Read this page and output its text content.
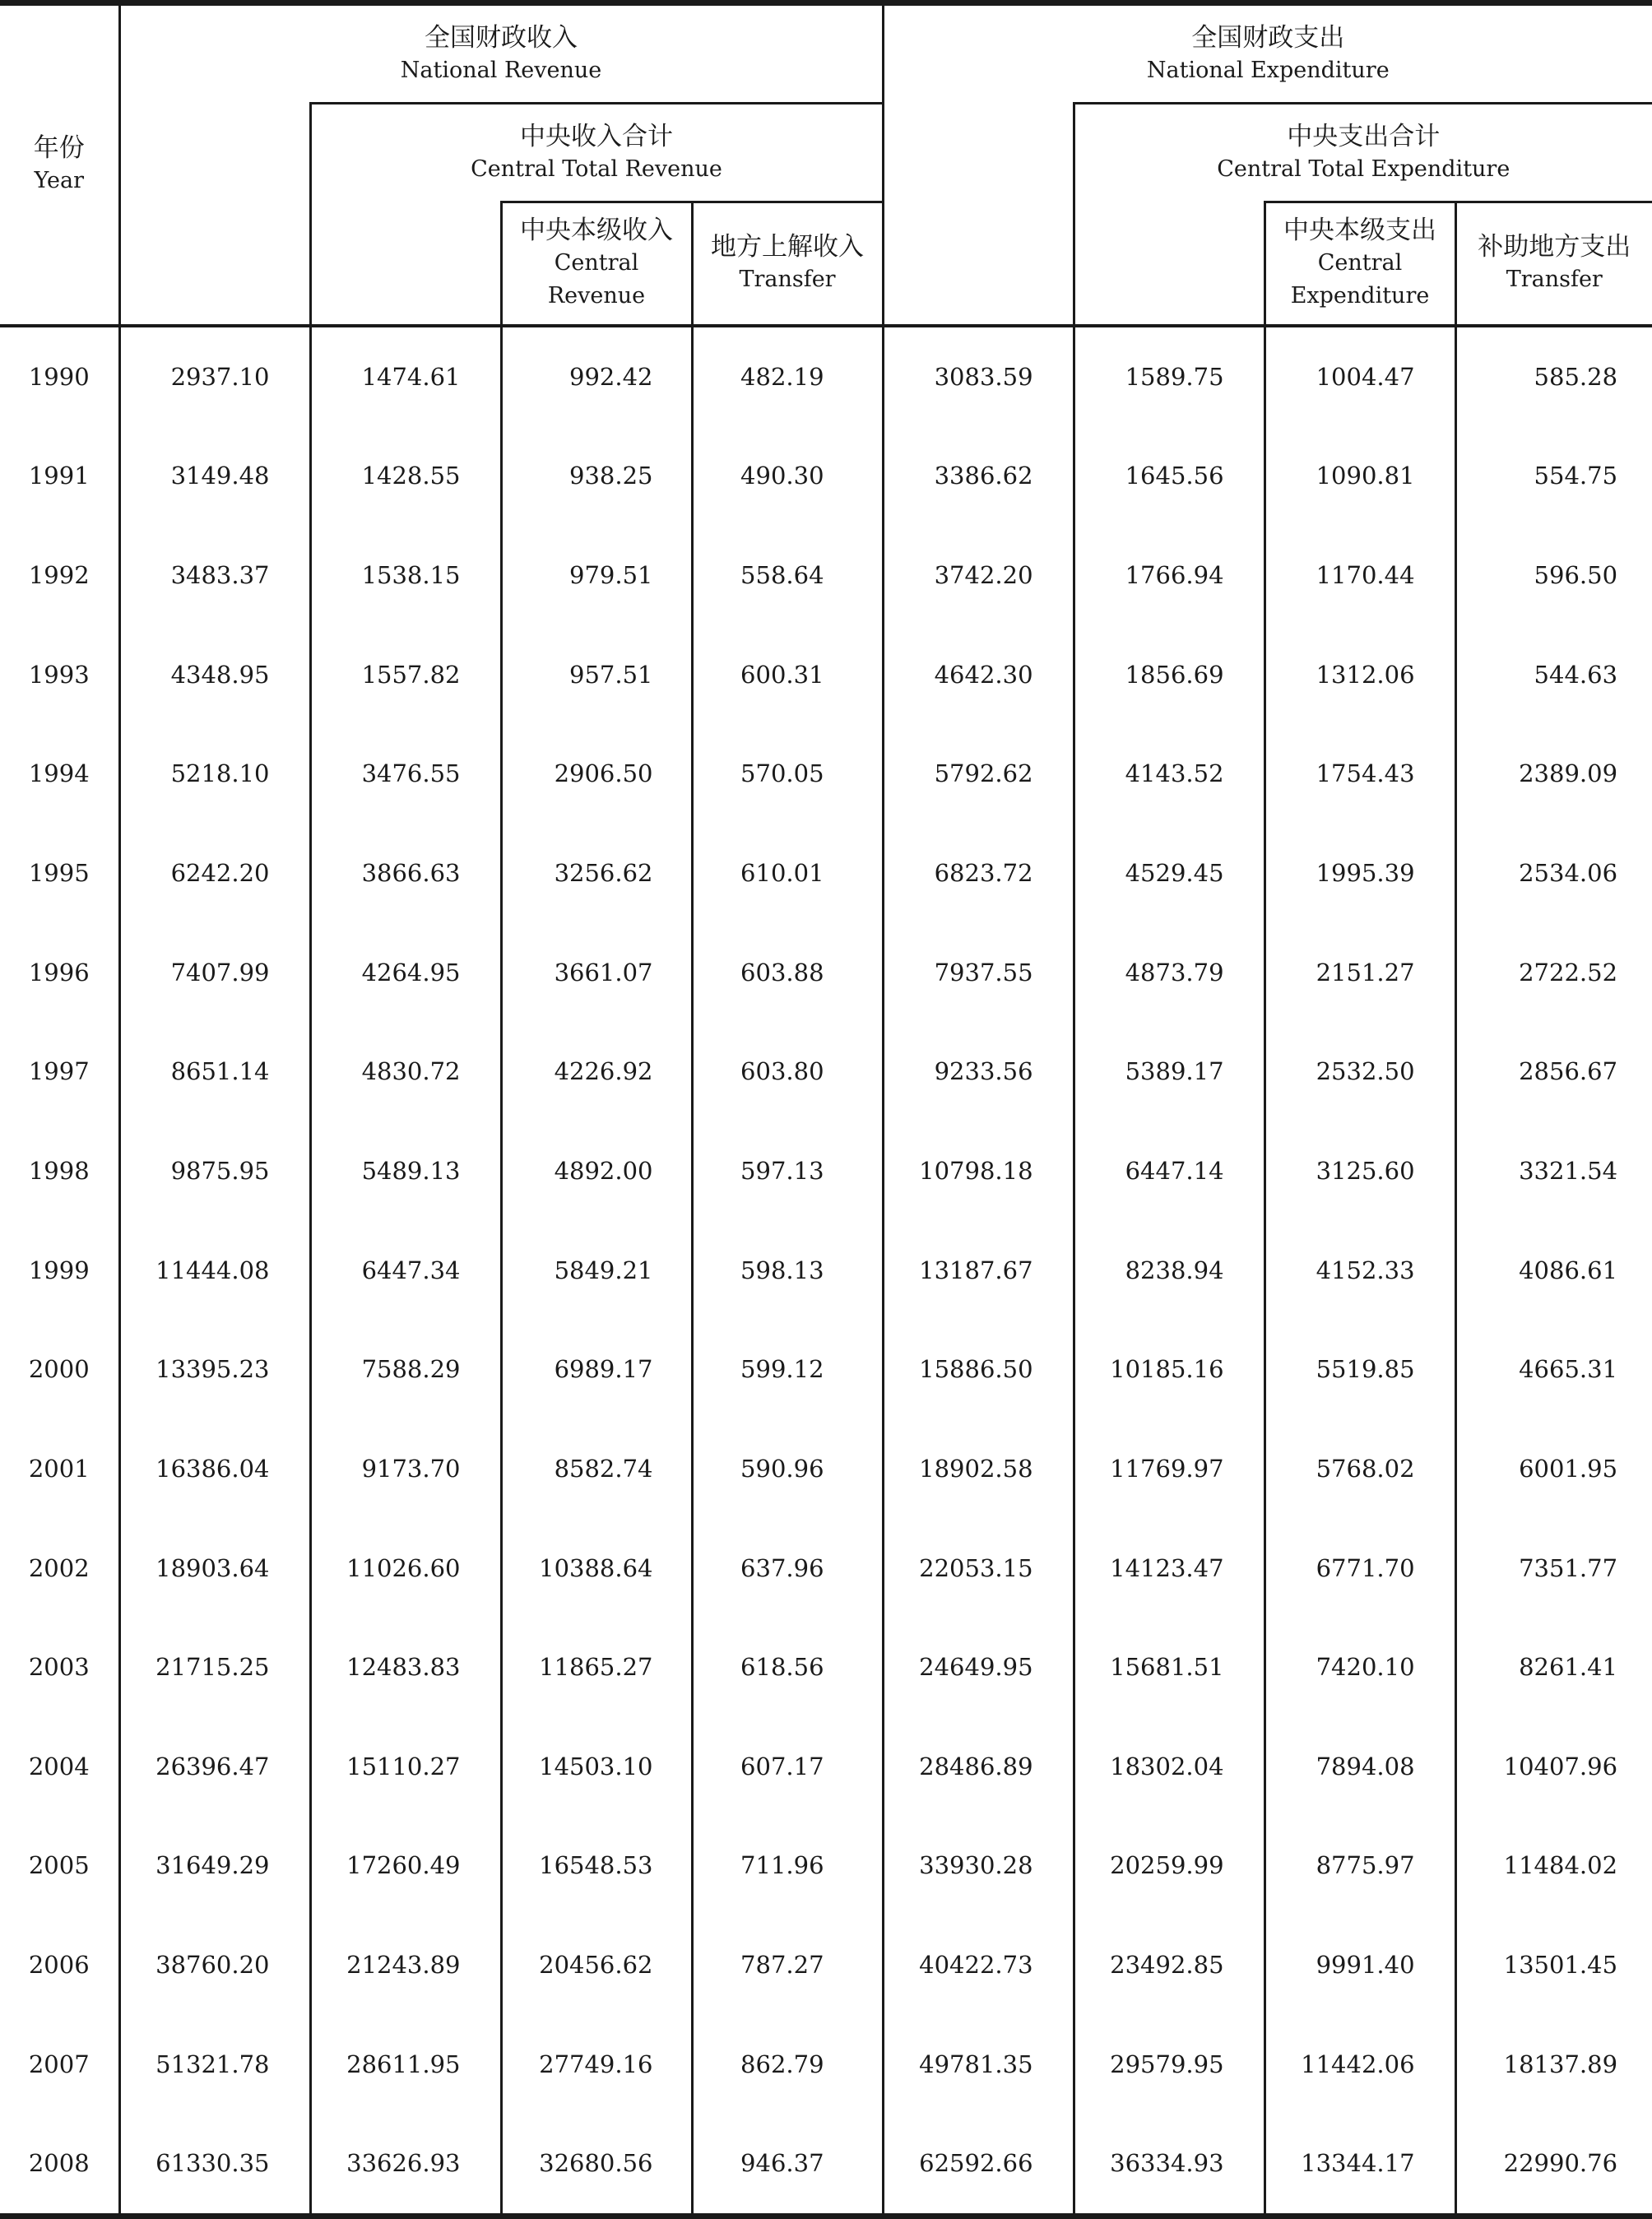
年份
Year	全国财政收入
National Revenue				全国财政支出
National Expenditure			

		中央收入合计
Central Total Revenue				中央支出合计
Central Total Expenditure		

			中央本级收入
Central Revenue	地方上解收入
Transfer			中央本级支出
Central
Expenditure	补助地方支出
Transfer

1990	2937.10	1474.61	992.42	482.19	3083.59	1589.75	1004.47	585.28
1991	3149.48	1428.55	938.25	490.30	3386.62	1645.56	1090.81	554.75
1992	3483.37	1538.15	979.51	558.64	3742.20	1766.94	1170.44	596.50
1993	4348.95	1557.82	957.51	600.31	4642.30	1856.69	1312.06	544.63
1994	5218.10	3476.55	2906.50	570.05	5792.62	4143.52	1754.43	2389.09
1995	6242.20	3866.63	3256.62	610.01	6823.72	4529.45	1995.39	2534.06
1996	7407.99	4264.95	3661.07	603.88	7937.55	4873.79	2151.27	2722.52
1997	8651.14	4830.72	4226.92	603.80	9233.56	5389.17	2532.50	2856.67
1998	9875.95	5489.13	4892.00	597.13	10798.18	6447.14	3125.60	3321.54
1999	11444.08	6447.34	5849.21	598.13	13187.67	8238.94	4152.33	4086.61
2000	13395.23	7588.29	6989.17	599.12	15886.50	10185.16	5519.85	4665.31
2001	16386.04	9173.70	8582.74	590.96	18902.58	11769.97	5768.02	6001.95
2002	18903.64	11026.60	10388.64	637.96	22053.15	14123.47	6771.70	7351.77
2003	21715.25	12483.83	11865.27	618.56	24649.95	15681.51	7420.10	8261.41
2004	26396.47	15110.27	14503.10	607.17	28486.89	18302.04	7894.08	10407.96
2005	31649.29	17260.49	16548.53	711.96	33930.28	20259.99	8775.97	11484.02
2006	38760.20	21243.89	20456.62	787.27	40422.73	23492.85	9991.40	13501.45
2007	51321.78	28611.95	27749.16	862.79	49781.35	29579.95	11442.06	18137.89
2008	61330.35	33626.93	32680.56	946.37	62592.66	36334.93	13344.17	22990.76
